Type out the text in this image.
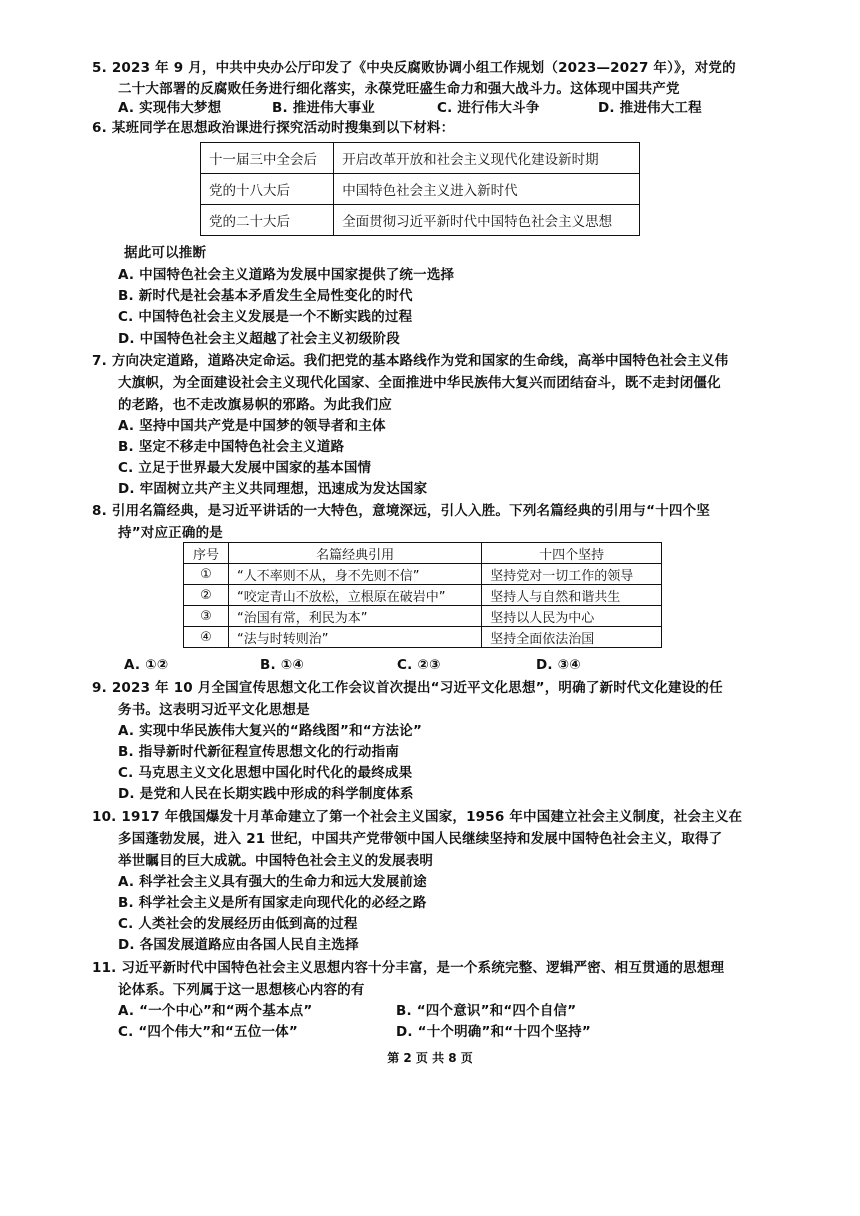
5. 2023 年 9 月，中共中央办公厅印发了《中央反腐败协调小组工作规划（2023—2027 年）》，对党的
二十大部署的反腐败任务进行细化落实，永葆党旺盛生命力和强大战斗力。这体现中国共产党
A. 实现伟大梦想	B. 推进伟大事业	C. 进行伟大斗争	D. 推进伟大工程
6. 某班同学在思想政治课进行探究活动时搜集到以下材料：
十一届三中全会后	开启改革开放和社会主义现代化建设新时期
党的十八大后	中国特色社会主义进入新时代
党的二十大后	全面贯彻习近平新时代中国特色社会主义思想
据此可以推断
A. 中国特色社会主义道路为发展中国家提供了统一选择
B. 新时代是社会基本矛盾发生全局性变化的时代
C. 中国特色社会主义发展是一个不断实践的过程
D. 中国特色社会主义超越了社会主义初级阶段
7. 方向决定道路，道路决定命运。我们把党的基本路线作为党和国家的生命线，高举中国特色社会主义伟
大旗帜，为全面建设社会主义现代化国家、全面推进中华民族伟大复兴而团结奋斗，既不走封闭僵化
的老路，也不走改旗易帜的邪路。为此我们应
A. 坚持中国共产党是中国梦的领导者和主体
B. 坚定不移走中国特色社会主义道路
C. 立足于世界最大发展中国家的基本国情
D. 牢固树立共产主义共同理想，迅速成为发达国家
8. 引用名篇经典，是习近平讲话的一大特色，意境深远，引人入胜。下列名篇经典的引用与“十四个坚
持”对应正确的是
序号	名篇经典引用	十四个坚持
①	“人不率则不从，身不先则不信”	坚持党对一切工作的领导
②	“咬定青山不放松，立根原在破岩中”	坚持人与自然和谐共生
③	“治国有常，利民为本”	坚持以人民为中心
④	“法与时转则治”	坚持全面依法治国
A. ①②	B. ①④	C. ②③	D. ③④
9. 2023 年 10 月全国宣传思想文化工作会议首次提出“习近平文化思想”，明确了新时代文化建设的任
务书。这表明习近平文化思想是
A. 实现中华民族伟大复兴的“路线图”和“方法论”
B. 指导新时代新征程宣传思想文化的行动指南
C. 马克思主义文化思想中国化时代化的最终成果
D. 是党和人民在长期实践中形成的科学制度体系
10. 1917 年俄国爆发十月革命建立了第一个社会主义国家，1956 年中国建立社会主义制度，社会主义在
多国蓬勃发展，进入 21 世纪，中国共产党带领中国人民继续坚持和发展中国特色社会主义，取得了
举世瞩目的巨大成就。中国特色社会主义的发展表明
A. 科学社会主义具有强大的生命力和远大发展前途
B. 科学社会主义是所有国家走向现代化的必经之路
C. 人类社会的发展经历由低到高的过程
D. 各国发展道路应由各国人民自主选择
11. 习近平新时代中国特色社会主义思想内容十分丰富，是一个系统完整、逻辑严密、相互贯通的思想理
论体系。下列属于这一思想核心内容的有
A. “一个中心”和“两个基本点”	B. “四个意识”和“四个自信”
C. “四个伟大”和“五位一体”	D. “十个明确”和“十四个坚持”
第 2 页 共 8 页
